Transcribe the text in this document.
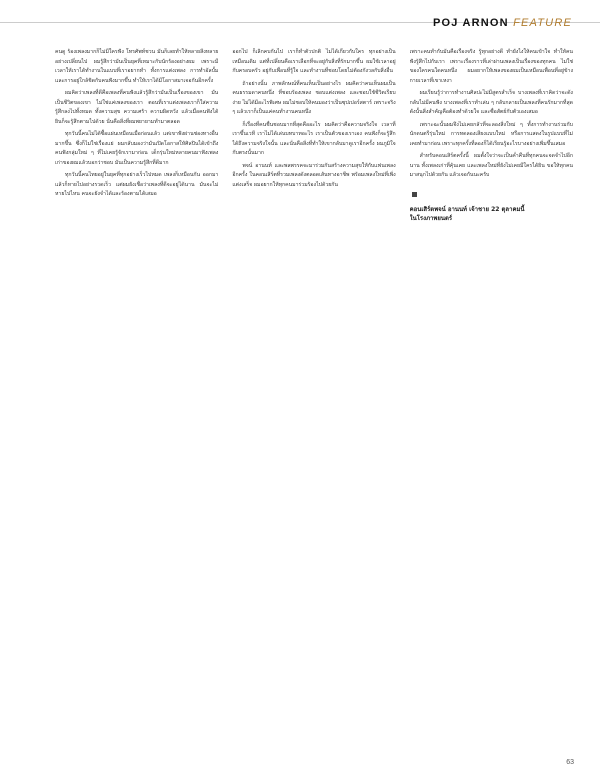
POJ ARNON FEATURE

คนดู ร้องเพลงมากก็ไม่มีใครฟัง โทรศัพท์ชวน มันก็เลยทำให้หลายสิ่งหลายอย่างเปลี่ยนไป ผมรู้สึกว่ามันเป็นยุคที่เหมาะกับนักร้องอย่างผม เพราะมีเวลาให้เราได้ทำงานในแบบที่เราอยากทำ ทั้งการแต่งเพลง การทำอัลบั้ม และการอยู่ใกล้ชิดกับคนฟังมากขึ้น ทำให้เราได้มีโอกาสมาเจอกันอีกครั้ง

ผมคิดว่าเพลงที่ดีคือเพลงที่คนฟังแล้วรู้สึกว่ามันเป็นเรื่องของเขา มันเป็นชีวิตของเขา ไม่ใช่แค่เพลงของเรา ตอนที่เราแต่งเพลงเราก็ใส่ความรู้สึกลงไปทั้งหมด ทั้งความสุข ความเศร้า ความผิดหวัง แล้วเมื่อคนฟังได้ยินก็จะรู้สึกตามไปด้วย นั่นคือสิ่งที่ผมพยายามทำมาตลอด

ทุกวันนี้คนไม่ได้ซื้อแผ่นเหมือนเมื่อก่อนแล้ว แต่เขาฟังผ่านช่องทางอื่นมากขึ้น ซึ่งก็ไม่ใช่เรื่องแย่ ผมกลับมองว่ามันเปิดโอกาสให้ศิลปินได้เข้าถึงคนฟังกลุ่มใหม่ ๆ ที่ไม่เคยรู้จักเรามาก่อน เด็กรุ่นใหม่หลายคนมาฟังเพลงเก่าของผมแล้วบอกว่าชอบ มันเป็นความรู้สึกที่ดีมาก

ทุกวันนี้คนไทยอยู่ในยุคที่ทุกอย่างเร็วไปหมด เพลงก็เหมือนกัน ออกมาแล้วก็หายไปอย่างรวดเร็ว แต่ผมยังเชื่อว่าเพลงที่ดีจะอยู่ได้นาน มันจะไม่หายไปไหน คนจะยังจำได้และร้องตามได้เสมอ

ออกไป ก็เลิกคบกันไป เราก็ทำตัวปกติ ไม่ได้เกี่ยวกับใคร ทุกอย่างเป็นเหมือนเดิม แต่ที่เปลี่ยนคือเราเลือกที่จะอยู่กับสิ่งที่รักมากขึ้น ผมใช้เวลาอยู่กับครอบครัว อยู่กับเพื่อนที่รู้ใจ และทำงานที่ชอบโดยไม่ต้องกังวลกับสิ่งอื่น

ถ้าอย่างนั้น ภาพลักษณ์ที่คนเห็นเป็นอย่างไร ผมคิดว่าคนเห็นผมเป็นคนธรรมดาคนหนึ่ง ที่ชอบร้องเพลง ชอบแต่งเพลง และชอบใช้ชีวิตเรียบง่าย ไม่ได้มีอะไรพิเศษ ผมไม่ชอบให้คนมองว่าเป็นซุปเปอร์สตาร์ เพราะจริง ๆ แล้วเราก็เป็นแค่คนทำงานคนหนึ่ง

ก็เรื่องที่คนชื่นชอบมากที่สุดคืออะไร ผมคิดว่าคือความจริงใจ เวลาที่เราขึ้นเวที เราไม่ได้เล่นบทบาทอะไร เราเป็นตัวของเราเอง คนฟังก็จะรู้สึกได้ถึงความจริงใจนั้น และนั่นคือสิ่งที่ทำให้เขากลับมาดูเราอีกครั้ง ผมภูมิใจกับตรงนั้นมาก

พจน์ อานนท์ และพลพรรคจะมาร่วมกันสร้างความสุขให้กับแฟนเพลงอีกครั้ง ในคอนเสิร์ตที่รวมเพลงดังตลอดเส้นทางอาชีพ พร้อมเพลงใหม่ที่เพิ่งแต่งเสร็จ ผมอยากให้ทุกคนมาร่วมร้องไปด้วยกัน

เพราะคนทำกับมันคือเรื่องจริง รู้ทุกอย่างดี ทำยังไงให้คนเข้าใจ ทำให้คนฟังรู้สึกไปกับเรา เพราะเรื่องราวที่เล่าผ่านเพลงเป็นเรื่องของทุกคน ไม่ใช่ของใครคนใดคนหนึ่ง ผมอยากให้เพลงของผมเป็นเหมือนเพื่อนที่อยู่ข้างกายเวลาที่เขาเหงา

ผมเรียนรู้ว่าการทำงานศิลปะไม่มีสูตรสำเร็จ บางเพลงที่เราคิดว่าจะดัง กลับไม่มีคนฟัง บางเพลงที่เราทำเล่น ๆ กลับกลายเป็นเพลงที่คนรักมากที่สุด ดังนั้นสิ่งสำคัญคือต้องทำด้วยใจ และซื่อสัตย์กับตัวเองเสมอ

เพราะฉะนั้นผมจึงไม่เคยกลัวที่จะลองสิ่งใหม่ ๆ ทั้งการทำงานร่วมกับนักดนตรีรุ่นใหม่ การทดลองเสียงแบบใหม่ หรือการแสดงในรูปแบบที่ไม่เคยทำมาก่อน เพราะทุกครั้งที่ลองก็ได้เรียนรู้อะไรบางอย่างเพิ่มขึ้นเสมอ

สำหรับคอนเสิร์ตครั้งนี้ ผมตั้งใจว่าจะเป็นค่ำคืนที่ทุกคนจะจดจำไปอีกนาน ทั้งเพลงเก่าที่คุ้นเคย และเพลงใหม่ที่ยังไม่เคยมีใครได้ยิน ขอให้ทุกคนมาสนุกไปด้วยกัน แล้วเจอกันนะครับ

คอนเสิร์ตพจน์ อานนท์ เจ้าชาย 22 ตุลาคมนี้
ในโรงภาพยนตร์
63
